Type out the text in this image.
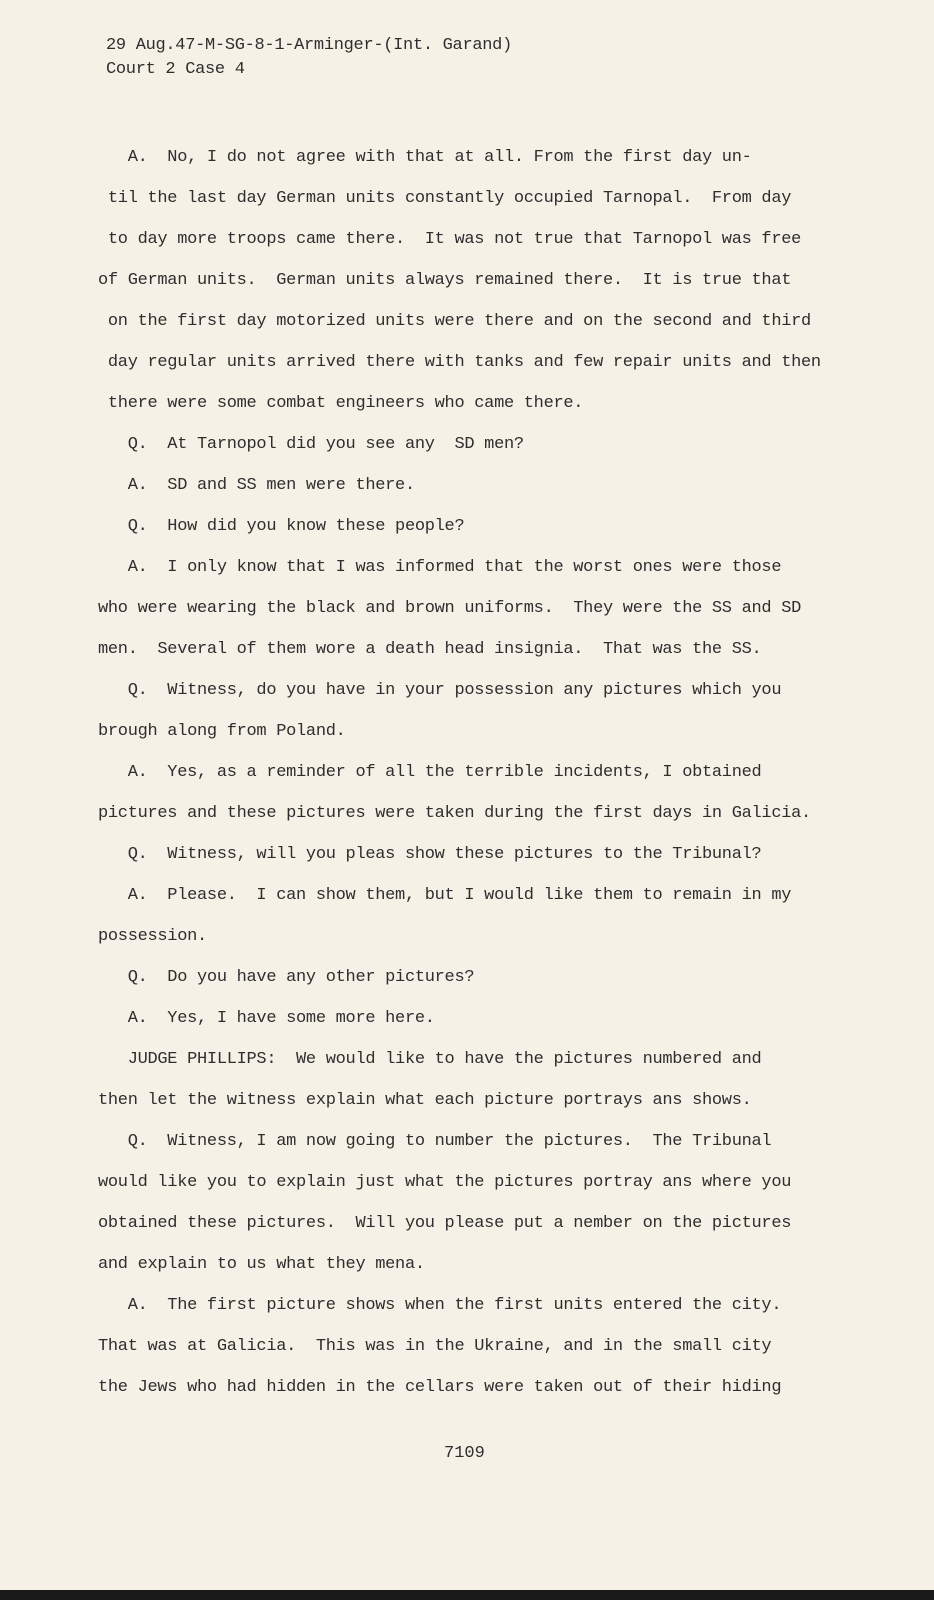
29 Aug.47-M-SG-8-1-Arminger-(Int. Garand)

Court 2 Case 4

A.  No, I do not agree with that at all. From the first day un-

til the last day German units constantly occupied Tarnopal.  From day

to day more troops came there.  It was not true that Tarnopol was free

of German units.  German units always remained there.  It is true that

on the first day motorized units were there and on the second and third

day regular units arrived there with tanks and few repair units and then

there were some combat engineers who came there.

Q.  At Tarnopol did you see any  SD men?

A.  SD and SS men were there.

Q.  How did you know these people?

A.  I only know that I was informed that the worst ones were those

who were wearing the black and brown uniforms.  They were the SS and SD

men.  Several of them wore a death head insignia.  That was the SS.

Q.  Witness, do you have in your possession any pictures which you

brough along from Poland.

A.  Yes, as a reminder of all the terrible incidents, I obtained

pictures and these pictures were taken during the first days in Galicia.

Q.  Witness, will you pleas show these pictures to the Tribunal?

A.  Please.  I can show them, but I would like them to remain in my

possession.

Q.  Do you have any other pictures?

A.  Yes, I have some more here.

JUDGE PHILLIPS:  We would like to have the pictures numbered and

then let the witness explain what each picture portrays ans shows.

Q.  Witness, I am now going to number the pictures.  The Tribunal

would like you to explain just what the pictures portray ans where you

obtained these pictures.  Will you please put a nember on the pictures

and explain to us what they mena.

A.  The first picture shows when the first units entered the city.

That was at Galicia.  This was in the Ukraine, and in the small city

the Jews who had hidden in the cellars were taken out of their hiding

7109
